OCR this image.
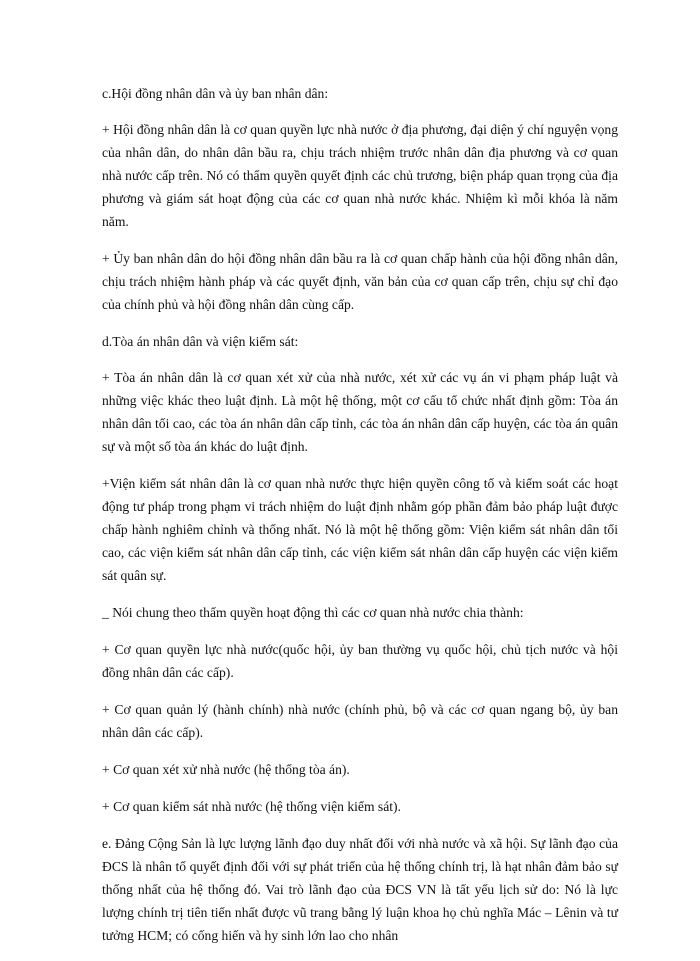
c.Hội đồng nhân dân và ủy ban nhân dân:

+ Hội đồng nhân dân là cơ quan quyền lực nhà nước ở địa phương, đại diện ý chí nguyện vọng của nhân dân, do nhân dân bầu ra, chịu trách nhiệm trước nhân dân địa phương và cơ quan nhà nước cấp trên. Nó có thẩm quyền quyết định các chủ trương, biện pháp quan trọng của địa phương và giám sát hoạt động của các cơ quan nhà nước khác. Nhiệm kì mỗi khóa là năm năm.

+ Ủy ban nhân dân do hội đồng nhân dân bầu ra là cơ quan chấp hành của hội đồng nhân dân, chịu trách nhiệm hành pháp và các quyết định, văn bản của cơ quan cấp trên, chịu sự chỉ đạo của chính phủ và hội đồng nhân dân cùng cấp.

d.Tòa án nhân dân và viện kiểm sát:

+ Tòa án nhân dân là cơ quan xét xử của nhà nước, xét xử các vụ án vi phạm pháp luật và những việc khác theo luật định. Là một hệ thống, một cơ cấu tổ chức nhất định gồm: Tòa án nhân dân tối cao, các tòa án nhân dân cấp tỉnh, các tòa án nhân dân cấp huyện, các tòa án quân sự và một số tòa án khác do luật định.

+Viện kiểm sát nhân dân là cơ quan nhà nước thực hiện quyền công tố và kiểm soát các hoạt động tư pháp trong phạm vi trách nhiệm do luật định nhằm góp phần đảm bảo pháp luật được chấp hành nghiêm chỉnh và thống nhất. Nó là một hệ thống gồm: Viện kiểm sát nhân dân tối cao, các viện kiểm sát nhân dân cấp tỉnh, các viện kiểm sát nhân dân cấp huyện các viện kiểm sát quân sự.

_ Nói chung theo thẩm quyền hoạt động thì các cơ quan nhà nước chia thành:

+ Cơ quan quyền lực nhà nước(quốc hội, ủy ban thường vụ quốc hội, chủ tịch nước và hội đồng nhân dân các cấp).

+ Cơ quan quản lý (hành chính) nhà nước (chính phủ, bộ và các cơ quan ngang bộ, ủy ban nhân dân các cấp).

+ Cơ quan xét xử nhà nước (hệ thống tòa án).

+ Cơ quan kiểm sát nhà nước (hệ thống viện kiểm sát).

e. Đảng Cộng Sản là lực lượng lãnh đạo duy nhất đối với nhà nước và xã hội. Sự lãnh đạo của ĐCS là nhân tố quyết định đối với sự phát triển của hệ thống chính trị, là hạt nhân đảm bảo sự thống nhất của hệ thống đó. Vai trò lãnh đạo của ĐCS VN là tất yếu lịch sử do: Nó là lực lượng chính trị tiên tiến nhất được vũ trang bằng lý luận khoa họ chủ nghĩa Mác – Lênin và tư tưởng HCM; có cống hiến và hy sinh lớn lao cho nhân
